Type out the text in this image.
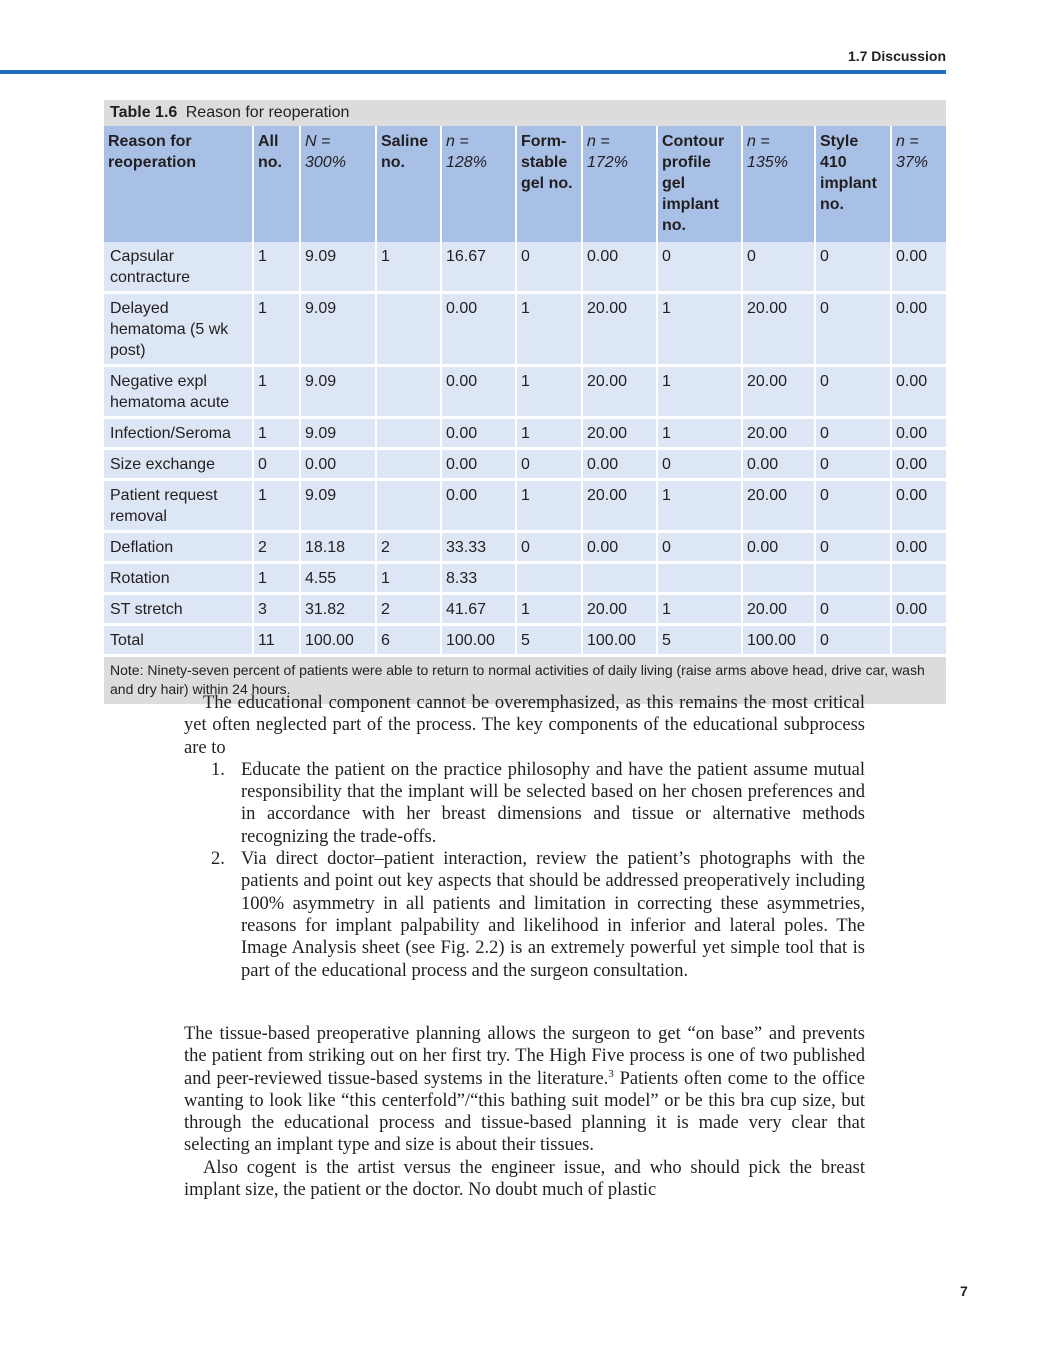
1.7 Discussion
Table 1.6 Reason for reoperation
Reason for reoperation	All no.	N = 300%	Saline no.	n = 128%	Form-stable gel no.	n = 172%	Contour profile gel implant no.	n = 135%	Style 410 implant no.	n = 37%
Capsular contracture	1	9.09	1	16.67	0	0.00	0	0	0	0.00
Delayed hematoma (5 wk post)	1	9.09		0.00	1	20.00	1	20.00	0	0.00
Negative expl hematoma acute	1	9.09		0.00	1	20.00	1	20.00	0	0.00
Infection/Seroma	1	9.09		0.00	1	20.00	1	20.00	0	0.00
Size exchange	0	0.00		0.00	0	0.00	0	0.00	0	0.00
Patient request removal	1	9.09		0.00	1	20.00	1	20.00	0	0.00
Deflation	2	18.18	2	33.33	0	0.00	0	0.00	0	0.00
Rotation	1	4.55	1	8.33						
ST stretch	3	31.82	2	41.67	1	20.00	1	20.00	0	0.00
Total	11	100.00	6	100.00	5	100.00	5	100.00	0	
Note: Ninety-seven percent of patients were able to return to normal activities of daily living (raise arms above head, drive car, wash and dry hair) within 24 hours.

The educational component cannot be overemphasized, as this remains the most critical yet often neglected part of the process. The key components of the educational subprocess are to

1. Educate the patient on the practice philosophy and have the patient assume mutual responsibility that the implant will be selected based on her chosen preferences and in accordance with her breast dimensions and tissue or alternative methods recognizing the trade-offs.
2. Via direct doctor–patient interaction, review the patient’s photographs with the patients and point out key aspects that should be addressed preoperatively including 100% asymmetry in all patients and limitation in correcting these asymmetries, reasons for implant palpability and likelihood in inferior and lateral poles. The Image Analysis sheet (see Fig. 2.2) is an extremely powerful yet simple tool that is part of the educational process and the surgeon consultation.

The tissue-based preoperative planning allows the surgeon to get “on base” and prevents the patient from striking out on her first try. The High Five process is one of two published and peer-reviewed tissue-based systems in the literature.$^3$ Patients often come to the office wanting to look like “this centerfold”/“this bathing suit model” or be this bra cup size, but through the educational process and tissue-based planning it is made very clear that selecting an implant type and size is about their tissues.

Also cogent is the artist versus the engineer issue, and who should pick the breast implant size, the patient or the doctor. No doubt much of plastic

7
